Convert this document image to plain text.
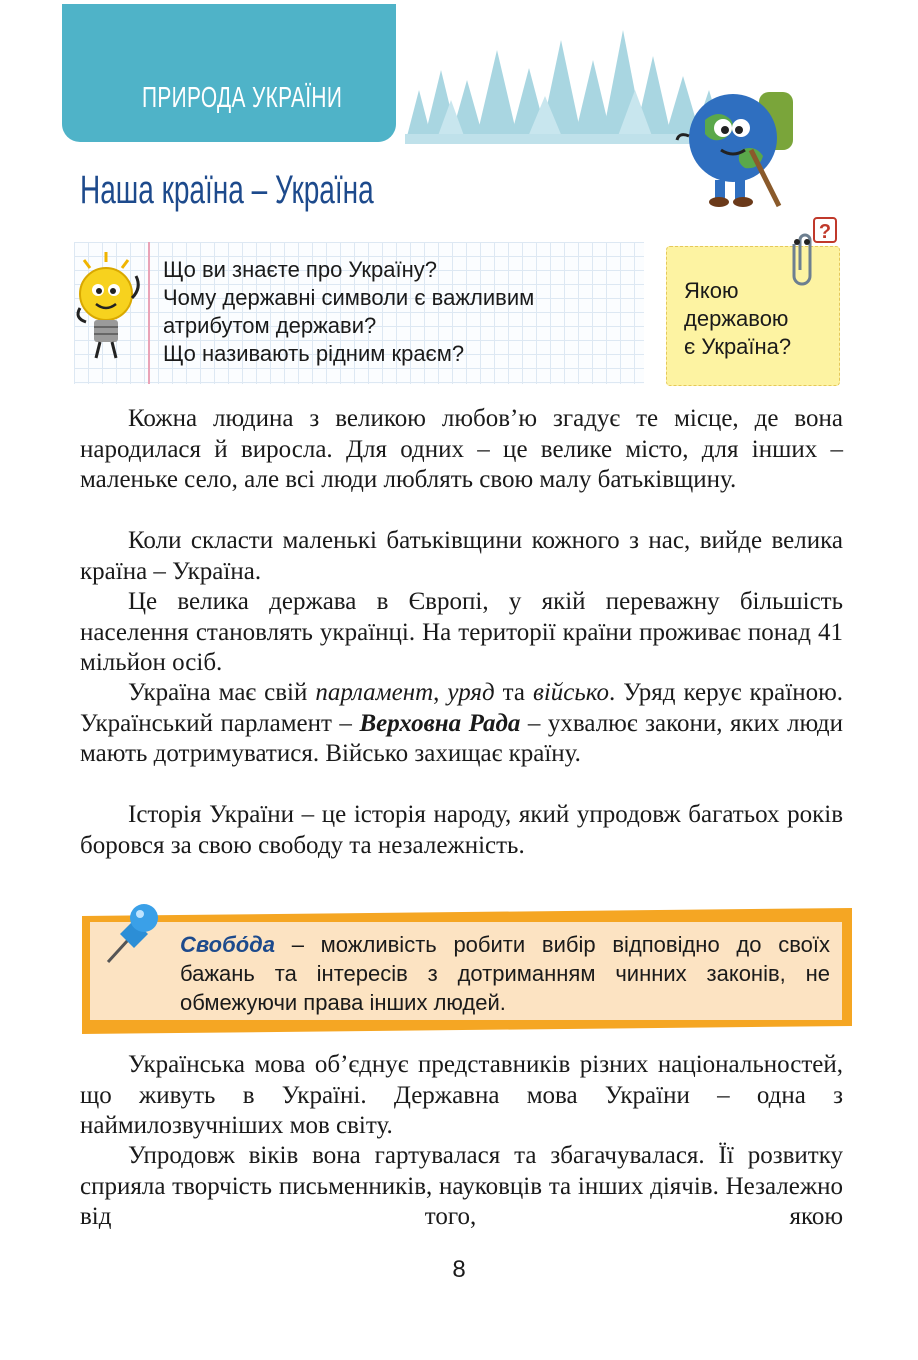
ПРИРОДА УКРАЇНИ
Наша країна – Україна
Що ви знаєте про Україну?
Чому державні символи є важливим
атрибутом держави?
Що називають рідним краєм?
?
Якою
державою
є Україна?

Кожна людина з великою любов’ю згадує те місце, де вона народилася й виросла. Для одних – це велике місто, для інших – маленьке село, але всі люди люблять свою малу батьківщину.

Коли скласти маленькі батьківщини кожного з нас, вийде велика країна – Україна.

Це велика держава в Європі, у якій переважну більшість населення становлять українці. На території країни проживає понад 41 мільйон осіб.

Україна має свій парламент, уряд та військо. Уряд керує країною. Український парламент – Верховна Рада – ухвалює закони, яких люди мають дотримуватися. Військо захищає країну.

Історія України – це історія народу, який упродовж багатьох років боровся за свою свободу та незалежність.

Свобо́да – можливість робити вибір відповідно до своїх бажань та інтересів з дотриманням чинних законів, не обмежуючи права інших людей.

Українська мова об’єднує представників різних національностей, що живуть в Україні. Державна мова України – одна з наймилозвучніших мов світу.

Упродовж віків вона гартувалася та збагачувалася. Її розвитку сприяла творчість письменників, науковців та інших діячів. Незалежно від того, якою

8
